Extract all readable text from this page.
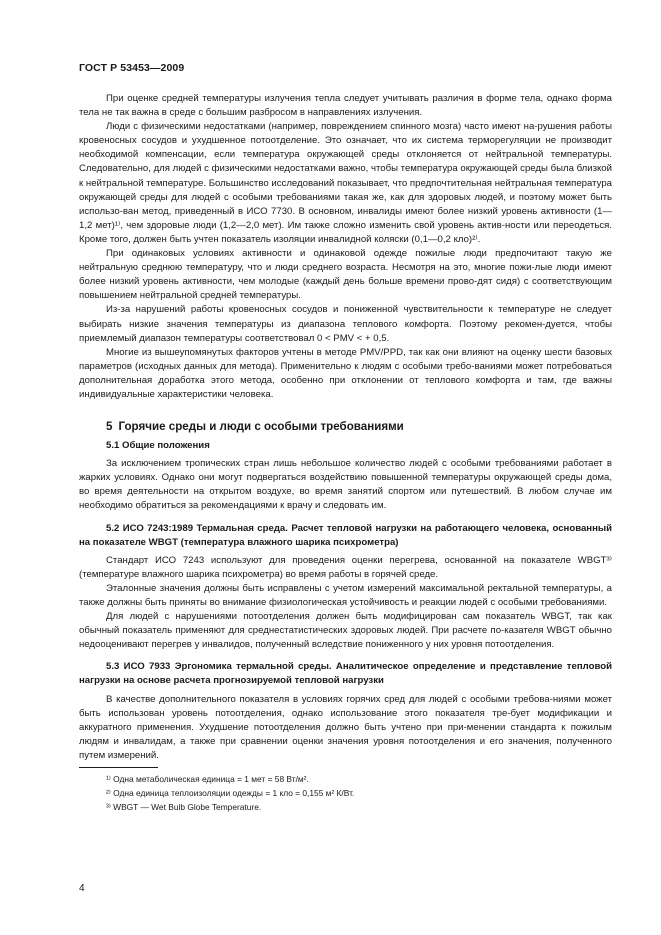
ГОСТ Р 53453—2009

При оценке средней температуры излучения тепла следует учитывать различия в форме тела, однако форма тела не так важна в среде с большим разбросом в направлениях излучения.

Люди с физическими недостатками (например, повреждением спинного мозга) часто имеют на-рушения работы кровеносных сосудов и ухудшенное потоотделение. Это означает, что их система терморегуляции не производит необходимой компенсации, если температура окружающей среды отклоняется от нейтральной температуры. Следовательно, для людей с физическими недостатками важно, чтобы температура окружающей среды была близкой к нейтральной температуре. Большинство исследований показывает, что предпочтительная нейтральная температура окружающей среды для людей с особыми требованиями такая же, как для здоровых людей, и поэтому может быть использо-ван метод, приведенный в ИСО 7730. В основном, инвалиды имеют более низкий уровень активности (1—1,2 мет)¹⁾, чем здоровые люди (1,2—2,0 мет). Им также сложно изменить свой уровень актив-ности или переодеться. Кроме того, должен быть учтен показатель изоляции инвалидной коляски (0,1—0,2 кло)²⁾.

При одинаковых условиях активности и одинаковой одежде пожилые люди предпочитают такую же нейтральную среднюю температуру, что и люди среднего возраста. Несмотря на это, многие пожи-лые люди имеют более низкий уровень активности, чем молодые (каждый день больше времени прово-дят сидя) с соответствующим повышением нейтральной средней температуры.

Из-за нарушений работы кровеносных сосудов и пониженной чувствительности к температуре не следует выбирать низкие значения температуры из диапазона теплового комфорта. Поэтому рекомен-дуется, чтобы приемлемый диапазон температуры соответствовал 0 < PMV < + 0,5.

Многие из вышеупомянутых факторов учтены в методе PMV/PPD, так как они влияют на оценку шести базовых параметров (исходных данных для метода). Применительно к людям с особыми требо-ваниями может потребоваться дополнительная доработка этого метода, особенно при отклонении от теплового комфорта и там, где важны индивидуальные характеристики человека.

5 Горячие среды и люди с особыми требованиями
5.1 Общие положения

За исключением тропических стран лишь небольшое количество людей с особыми требованиями работает в жарких условиях. Однако они могут подвергаться воздействию повышенной температуры окружающей среды дома, во время деятельности на открытом воздухе, во время занятий спортом или путешествий. В любом случае им необходимо обратиться за рекомендациями к врачу и следовать им.

5.2 ИСО 7243:1989 Термальная среда. Расчет тепловой нагрузки на работающего человека, основанный на показателе WBGT (температура влажного шарика психрометра)

Стандарт ИСО 7243 используют для проведения оценки перегрева, основанной на показателе WBGT³⁾ (температуре влажного шарика психрометра) во время работы в горячей среде.

Эталонные значения должны быть исправлены с учетом измерений максимальной ректальной температуры, а также должны быть приняты во внимание физиологическая устойчивость и реакции людей с особыми требованиями.

Для людей с нарушениями потоотделения должен быть модифицирован сам показатель WBGT, так как обычный показатель применяют для среднестатистических здоровых людей. При расчете по-казателя WBGT обычно недооценивают перегрев у инвалидов, полученный вследствие пониженного у них уровня потоотделения.

5.3 ИСО 7933 Эргономика термальной среды. Аналитическое определение и представление тепловой нагрузки на основе расчета прогнозируемой тепловой нагрузки

В качестве дополнительного показателя в условиях горячих сред для людей с особыми требова-ниями может быть использован уровень потоотделения, однако использование этого показателя тре-бует модификации и аккуратного применения. Ухудшение потоотделения должно быть учтено при при-менении стандарта к пожилым людям и инвалидам, а также при сравнении оценки значения уровня потоотделения и его значения, полученного путем измерений.

¹⁾ Одна метаболическая единица = 1 мет = 58 Вт/м².
²⁾ Одна единица теплоизоляции одежды = 1 кло = 0,155 м² К/Вт.
³⁾ WBGT — Wet Bulb Globe Temperature.
4
